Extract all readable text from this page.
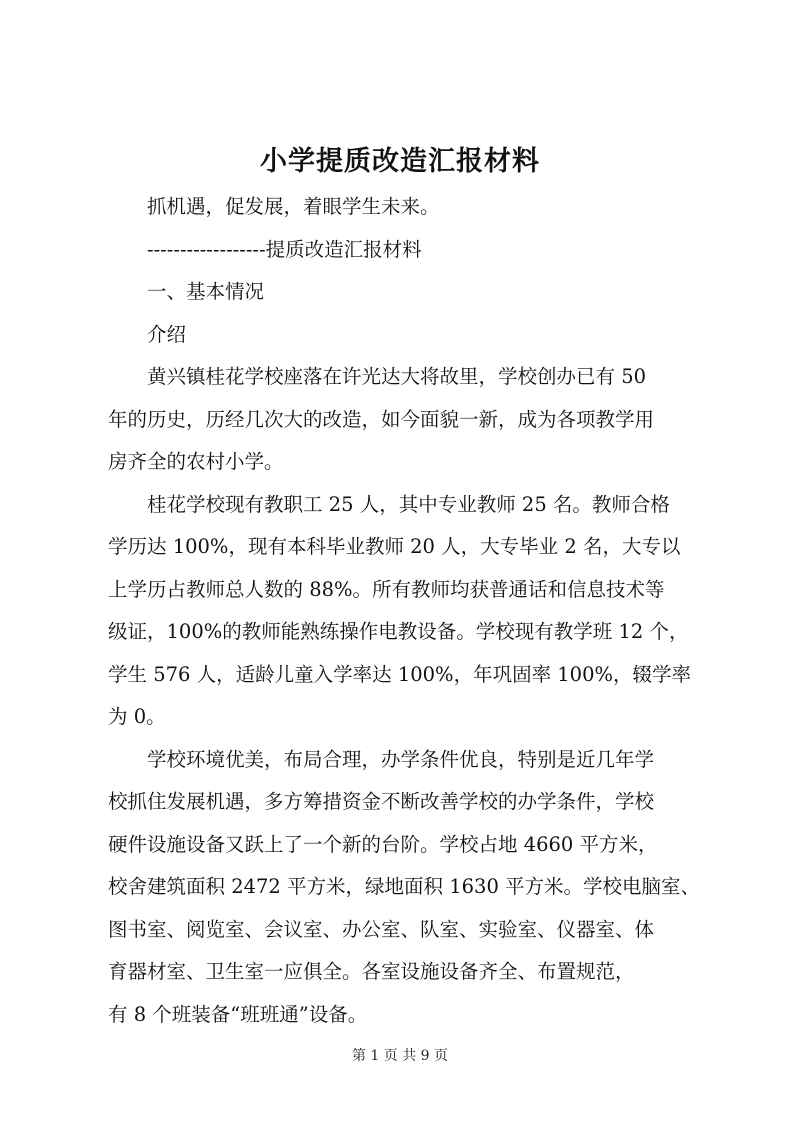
小学提质改造汇报材料
抓机遇，促发展，着眼学生未来。
------------------提质改造汇报材料
一、基本情况
介绍
黄兴镇桂花学校座落在许光达大将故里，学校创办已有 50
年的历史，历经几次大的改造，如今面貌一新，成为各项教学用
房齐全的农村小学。
桂花学校现有教职工 25 人，其中专业教师 25 名。教师合格
学历达 100%，现有本科毕业教师 20 人，大专毕业 2 名，大专以
上学历占教师总人数的 88%。所有教师均获普通话和信息技术等
级证，100%的教师能熟练操作电教设备。学校现有教学班 12 个，
学生 576 人，适龄儿童入学率达 100%，年巩固率 100%，辍学率
为 0。
学校环境优美，布局合理，办学条件优良，特别是近几年学
校抓住发展机遇，多方筹措资金不断改善学校的办学条件，学校
硬件设施设备又跃上了一个新的台阶。学校占地 4660 平方米，
校舍建筑面积 2472 平方米，绿地面积 1630 平方米。学校电脑室、
图书室、阅览室、会议室、办公室、队室、实验室、仪器室、体
育器材室、卫生室一应俱全。各室设施设备齐全、布置规范，
有 8 个班装备“班班通”设备。
第 1 页 共 9 页
